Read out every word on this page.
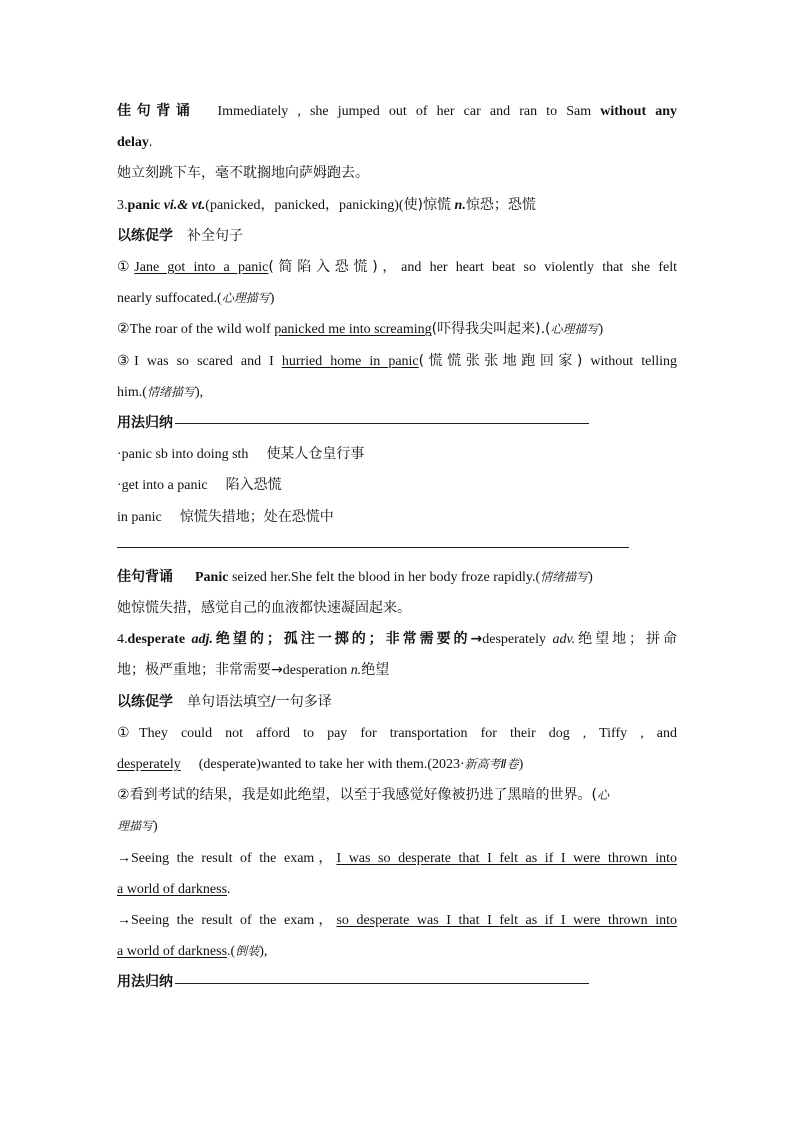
佳句背诵 Immediately , she jumped out of her car and ran to Sam without any
delay.
她立刻跳下车，毫不耽搁地向萨姆跑去。
3.panic vi.& vt.(panicked，panicked，panicking)(使)惊慌 n.惊恐；恐慌
以练促学 补全句子
①Jane got into a panic(简陷入恐慌)，and her heart beat so violently that she felt
nearly suffocated.(心理描写)
②The roar of the wild wolf panicked me into screaming(吓得我尖叫起来).(心理描写)
③I was so scared and I hurried home in panic(慌慌张张地跑回家) without telling
him.(情绪描写),
用法归纳
·panic sb into doing sth 使某人仓皇行事
·get into a panic 陷入恐慌
in panic 惊慌失措地；处在恐慌中
佳句背诵 Panic seized her.She felt the blood in her body froze rapidly.(情绪描写)
她惊慌失措，感觉自己的血液都快速凝固起来。
4.desperate adj.绝望的；孤注一掷的；非常需要的→desperately adv.绝望地；拼命
地；极严重地；非常需要→desperation n.绝望
以练促学 单句语法填空/一句多译
①They could not afford to pay for transportation for their dog , Tiffy , and
desperately (desperate)wanted to take her with them.(2023·新高考Ⅱ卷)
②看到考试的结果，我是如此绝望，以至于我感觉好像被扔进了黑暗的世界。(心
理描写)
→Seeing the result of the exam，I was so desperate that I felt as if I were thrown into
a world of darkness.
→Seeing the result of the exam，so desperate was I that I felt as if I were thrown into
a world of darkness.(倒装),
用法归纳
